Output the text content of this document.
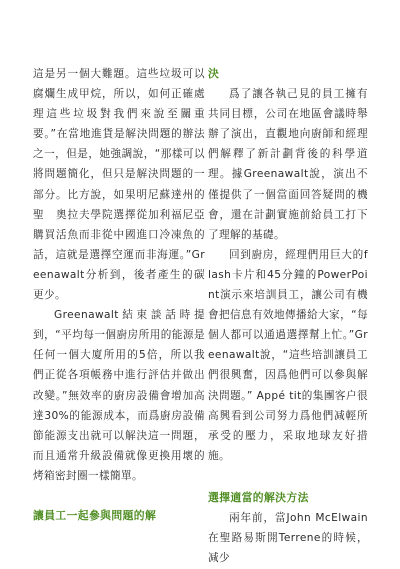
這是另一個大難題。這些垃圾可以腐爛生成甲烷，所以，如何正確處理這些垃圾對我們來說至關重要。”在當地進貨是解決問題的辦法之一，但是，她強調說，“那樣可以將問題簡化，但只是解決問題的一部分。比方說，如果明尼蘇達州的聖　奧拉夫學院選擇從加利福尼亞購買活魚而非從中國進口冷凍魚的話，這就是選擇空運而非海運。”Greenawalt分析到，後者產生的碳更少。

Greenawalt結束談話時提到，“平均每一個廚房所用的能源是任何一個大廈所用的5倍，所以我們正從各項帳務中進行評估并做出改變。”無效率的廚房設備會增加高達30%的能源成本，而爲廚房設備節能源支出就可以解決這一問題，而且通常升級設備就像更換用壞的烤箱密封圈一樣簡單。

讓員工一起參與問題的解

決

爲了讓各執己見的員工擁有共同目標，公司在地區會議時舉辦了演出，直觀地向廚師和經理們解釋了新計劃背後的科學道理。據Greenawalt說，演出不僅提供了一個當面回答疑問的機會，還在計劃實施前給員工打下了理解的基礎。

回到廚房，經理們用巨大的flash卡片和45分鐘的PowerPoint演示來培訓員工，讓公司有機會把信息有效地傳播給大家，“每個人都可以通過選擇幫上忙。”Greenawalt說，“這些培訓讓員工們很興奮，因爲他們可以參與解決問題。” Appé tit的集團客户很高興看到公司努力爲他們减輕所承受的壓力，采取地球友好措施。

選擇適當的解決方法

兩年前，當John McElwain在聖路易斯開Terrene的時候，减少
